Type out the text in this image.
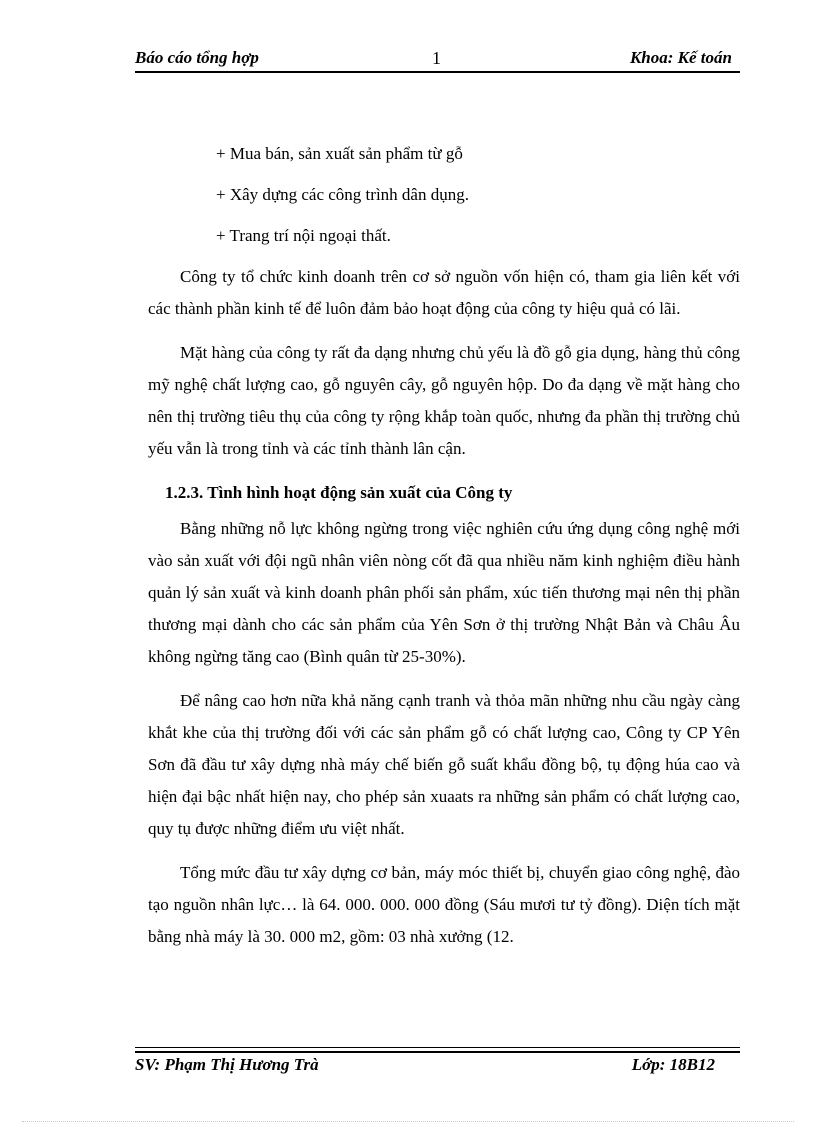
Báo cáo tổng hợp	1	Khoa: Kế toán
+ Mua bán, sản xuất sản phẩm từ gỗ
+ Xây dựng các công trình dân dụng.
+ Trang trí nội ngoại thất.

Công ty tổ chức kinh doanh trên cơ sở nguồn vốn hiện có, tham gia liên kết với các thành phần kinh tế để luôn đảm bảo hoạt động của công ty hiệu quả có lãi.

Mặt hàng của công ty rất đa dạng nhưng chủ yếu là đồ gỗ gia dụng, hàng thủ công mỹ nghệ chất lượng cao, gỗ nguyên cây, gỗ nguyên hộp. Do đa dạng về mặt hàng cho nên thị trường tiêu thụ của công ty rộng khắp toàn quốc, nhưng đa phần thị trường chủ yếu vẫn là trong tỉnh và các tỉnh thành lân cận.

1.2.3. Tình hình hoạt động sản xuất của Công ty

Bằng những nỗ lực không ngừng trong việc nghiên cứu ứng dụng công nghệ mới vào sản xuất với đội ngũ nhân viên nòng cốt đã qua nhiều năm kinh nghiệm điều hành quản lý sản xuất và kinh doanh phân phối sản phẩm, xúc tiến thương mại nên thị phần thương mại dành cho các sản phẩm của Yên Sơn ở thị trường Nhật Bản và Châu Âu không ngừng tăng cao (Bình quân từ 25-30%).

Để nâng cao hơn nữa khả năng cạnh tranh và thỏa mãn những nhu cầu ngày càng khắt khe của thị trường đối với các sản phẩm gỗ có chất lượng cao, Công ty CP Yên Sơn đã đầu tư xây dựng nhà máy chế biến gỗ suất khẩu đồng bộ, tụ động húa cao và hiện đại bậc nhất hiện nay, cho phép sản xuaats ra những sản phẩm có chất lượng cao, quy tụ được những điểm ưu việt nhất.

Tổng mức đầu tư xây dựng cơ bản, máy móc thiết bị, chuyển giao công nghệ, đào tạo nguồn nhân lực… là 64. 000. 000. 000 đồng (Sáu mươi tư tỷ đồng). Diện tích mặt bằng nhà máy là 30. 000 m2, gồm: 03 nhà xưởng (12.

SV: Phạm Thị Hương Trà	Lớp: 18B12
